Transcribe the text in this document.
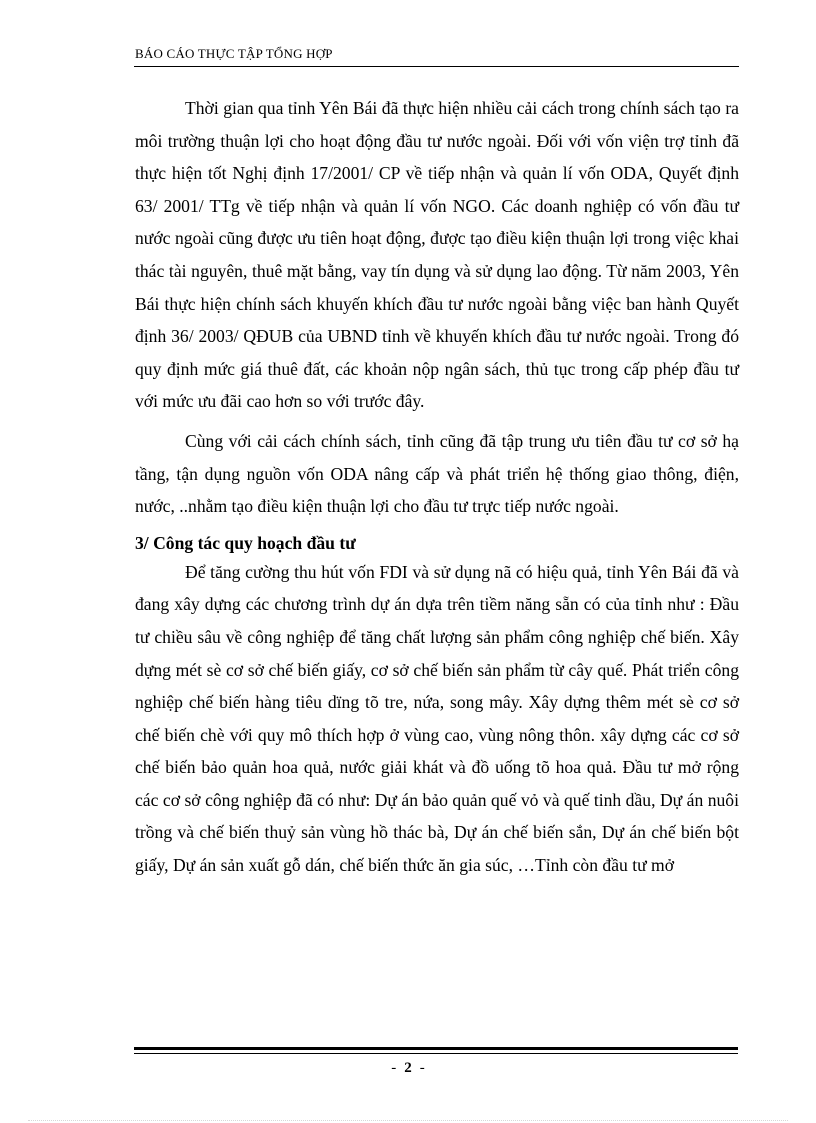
BÁO CÁO THỰC TẬP TỔNG HỢP

Thời gian qua tỉnh Yên Bái đã thực hiện nhiều cải cách trong chính sách tạo ra môi trường thuận lợi cho hoạt động đầu tư nước ngoài. Đối với vốn viện trợ tỉnh đã thực hiện tốt Nghị định 17/2001/ CP về tiếp nhận và quản lí vốn ODA, Quyết định 63/ 2001/ TTg về tiếp nhận và quản lí vốn NGO. Các doanh nghiệp có vốn đầu tư nước ngoài cũng được ưu tiên hoạt động, được tạo điều kiện thuận lợi trong việc khai thác tài nguyên, thuê mặt bằng, vay tín dụng và sử dụng lao động. Từ năm 2003, Yên Bái thực hiện chính sách khuyến khích đầu tư nước ngoài bằng việc ban hành Quyết định 36/ 2003/ QĐUB của UBND tỉnh về khuyến khích đầu tư nước ngoài. Trong đó quy định mức giá thuê đất, các khoản nộp ngân sách, thủ tục trong cấp phép đầu tư với mức ưu đãi cao hơn so với trước đây.

Cùng với cải cách chính sách, tỉnh cũng đã tập trung ưu tiên đầu tư cơ sở hạ tầng, tận dụng nguồn vốn ODA nâng cấp và phát triển hệ thống giao thông, điện, nước, ..nhằm tạo điều kiện thuận lợi cho đầu tư trực tiếp nước ngoài.

3/ Công tác quy hoạch đầu tư

Để tăng cường thu hút vốn FDI và sử dụng nã có hiệu quả, tỉnh Yên Bái đã và đang xây dựng các chương trình dự án dựa trên tiềm năng sẵn có của tỉnh như : Đầu tư chiều sâu về công nghiệp để tăng chất lượng sản phẩm công nghiệp chế biến. Xây dựng mét sè cơ sở chế biến giấy, cơ sở chế biến sản phẩm từ cây quế. Phát triển công nghiệp chế biến hàng tiêu dïng tõ tre, nứa, song mây. Xây dựng thêm mét sè cơ sở chế biến chè với quy mô thích hợp ở vùng cao, vùng nông thôn. xây dựng các cơ sở chế biến bảo quản hoa quả, nước giải khát và đồ uống tõ hoa quả. Đầu tư mở rộng các cơ sở công nghiệp đã có như: Dự án bảo quản quế vỏ và quế tinh dầu, Dự án nuôi trồng và chế biến thuỷ sản vùng hồ thác bà, Dự án chế biến sắn, Dự án chế biến bột giấy, Dự án sản xuất gỗ dán, chế biến thức ăn gia súc, …Tỉnh còn đầu tư mở

- 2 -
